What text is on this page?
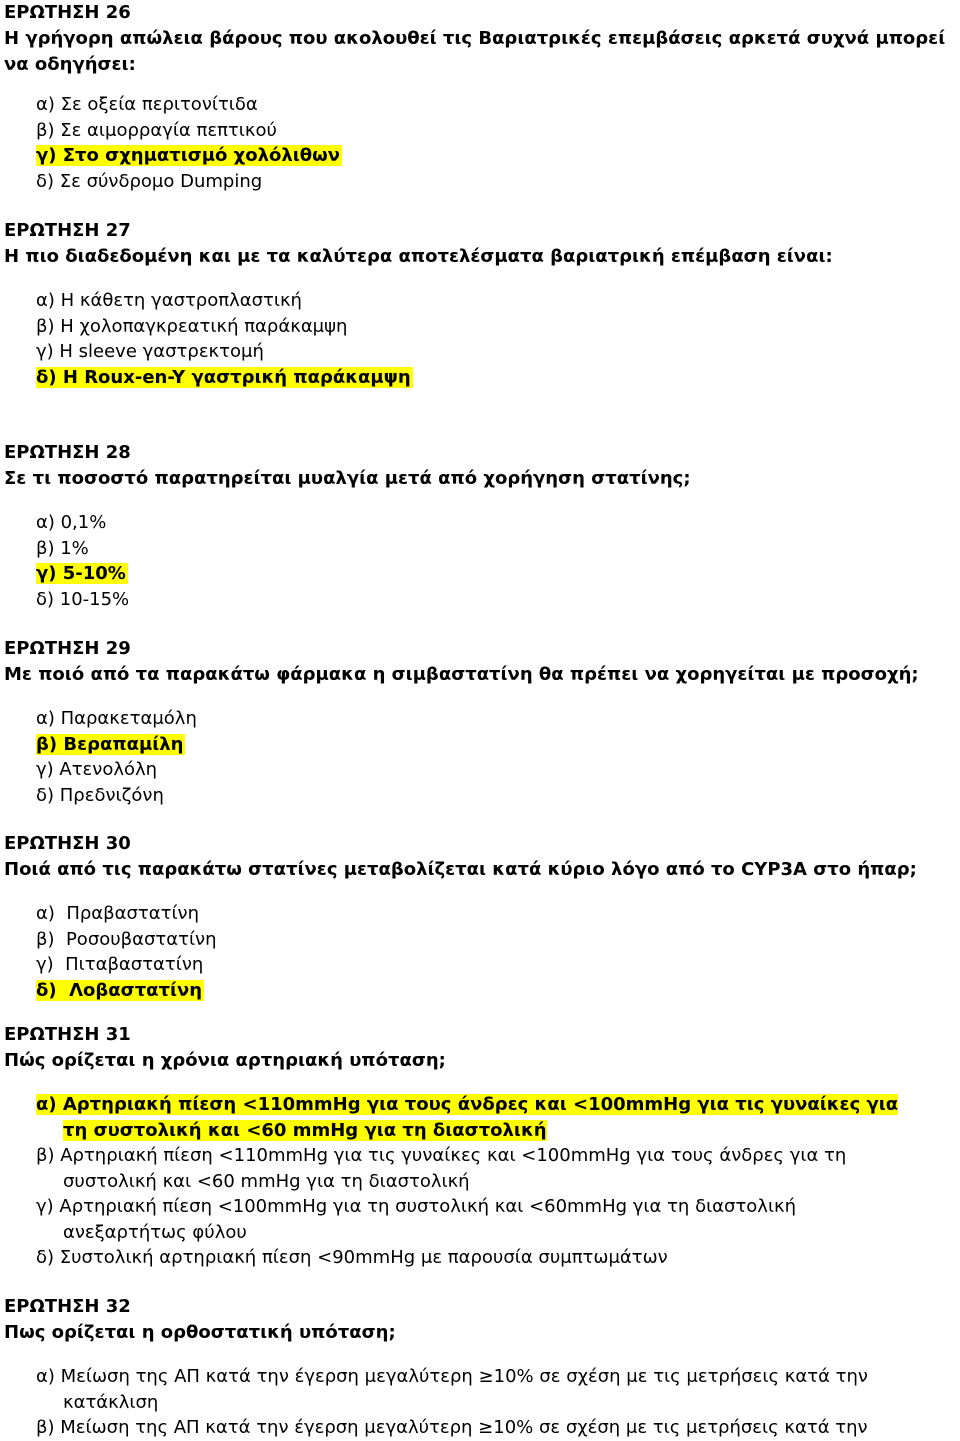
ΕΡΩΤΗΣΗ 26
Η γρήγορη απώλεια βάρους που ακολουθεί τις Βαριατρικές επεμβάσεις αρκετά συχνά μπορεί να οδηγήσει:
α) Σε οξεία περιτονίτιδα
β) Σε αιμορραγία πεπτικού
γ) Στο σχηματισμό χολόλιθων
δ) Σε σύνδρομο Dumping
ΕΡΩΤΗΣΗ 27
Η πιο διαδεδομένη και με τα καλύτερα αποτελέσματα βαριατρική επέμβαση είναι:
α) Η κάθετη γαστροπλαστική
β) Η χολοπαγκρεατική παράκαμψη
γ) Η sleeve γαστρεκτομή
δ) Η Roux-en-Y γαστρική παράκαμψη
ΕΡΩΤΗΣΗ 28
Σε τι ποσοστό παρατηρείται μυαλγία μετά από χορήγηση στατίνης;
α) 0,1%
β) 1%
γ) 5-10%
δ) 10-15%
ΕΡΩΤΗΣΗ 29
Με ποιό από τα παρακάτω φάρμακα η σιμβαστατίνη θα πρέπει να χορηγείται με προσοχή;
α) Παρακεταμόλη
β) Βεραπαμίλη
γ) Ατενολόλη
δ) Πρεδνιζόνη
ΕΡΩΤΗΣΗ 30
Ποιά από τις παρακάτω στατίνες μεταβολίζεται κατά κύριο λόγο από το CYP3A στο ήπαρ;
α)  Πραβαστατίνη
β)  Ροσουβαστατίνη
γ)  Πιταβαστατίνη
δ)  Λοβαστατίνη
ΕΡΩΤΗΣΗ 31
Πώς ορίζεται η χρόνια αρτηριακή υπόταση;
α) Αρτηριακή πίεση <110mmHg για τους άνδρες και <100mmHg για τις γυναίκες για τη συστολική και <60 mmHg για τη διαστολική
β) Αρτηριακή πίεση <110mmHg για τις γυναίκες και <100mmHg για τους άνδρες για τη συστολική και <60 mmHg για τη διαστολική
γ) Αρτηριακή πίεση <100mmHg για τη συστολική και <60mmHg για τη διαστολική ανεξαρτήτως φύλου
δ) Συστολική αρτηριακή πίεση <90mmHg με παρουσία συμπτωμάτων
ΕΡΩΤΗΣΗ 32
Πως ορίζεται η ορθοστατική υπόταση;
α) Μείωση της ΑΠ κατά την έγερση μεγαλύτερη ≥10% σε σχέση με τις μετρήσεις κατά την κατάκλιση
β) Μείωση της ΑΠ κατά την έγερση μεγαλύτερη ≥10% σε σχέση με τις μετρήσεις κατά την
